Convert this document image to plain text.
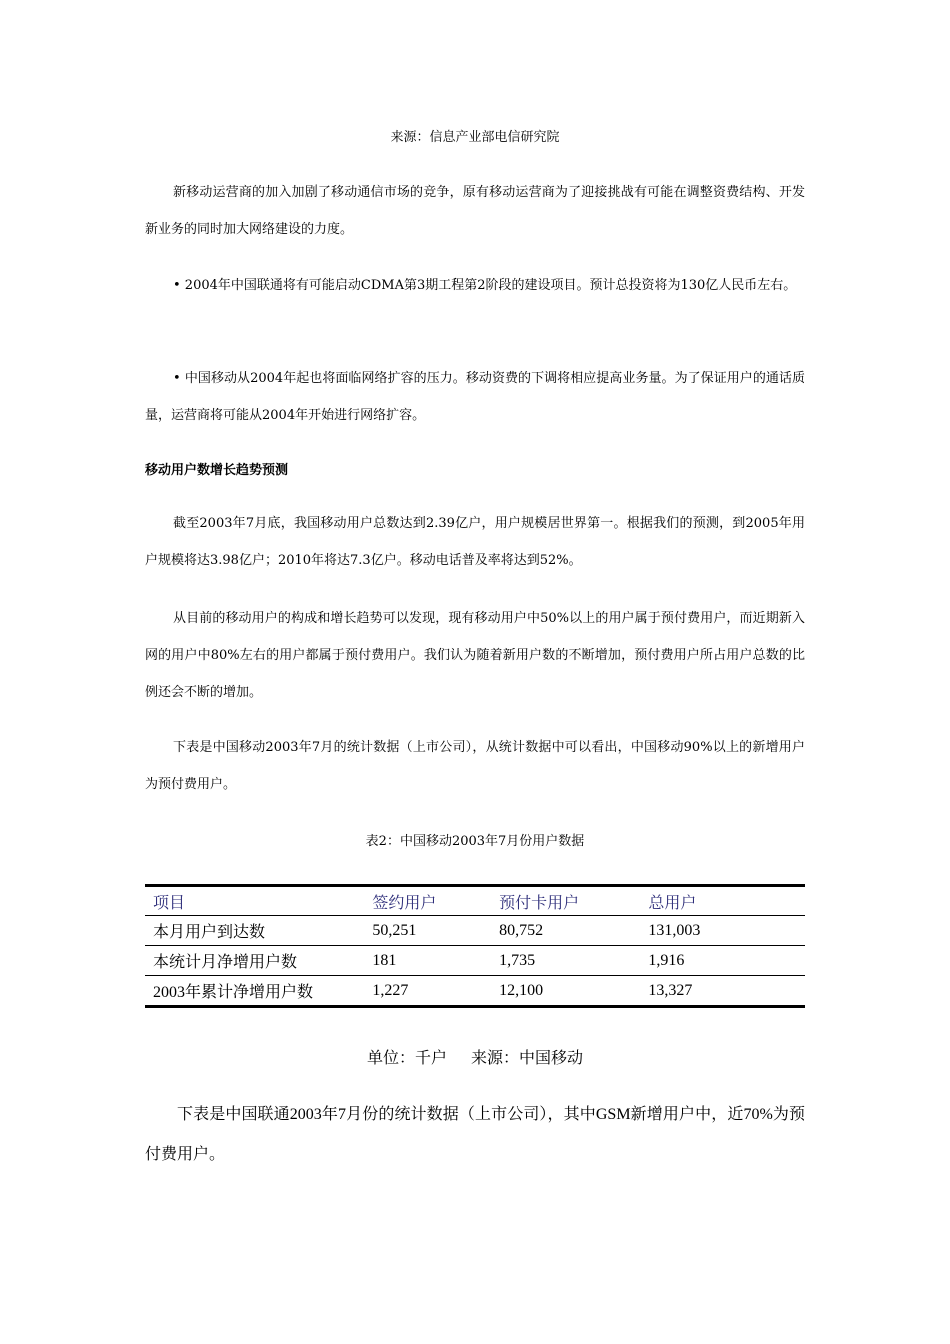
来源：信息产业部电信研究院

新移动运营商的加入加剧了移动通信市场的竞争，原有移动运营商为了迎接挑战有可能在调整资费结构、开发新业务的同时加大网络建设的力度。

• 2004年中国联通将有可能启动CDMA第3期工程第2阶段的建设项目。预计总投资将为130亿人民币左右。

• 中国移动从2004年起也将面临网络扩容的压力。移动资费的下调将相应提高业务量。为了保证用户的通话质量，运营商将可能从2004年开始进行网络扩容。

移动用户数增长趋势预测

截至2003年7月底，我国移动用户总数达到2.39亿户，用户规模居世界第一。根据我们的预测，到2005年用户规模将达3.98亿户；2010年将达7.3亿户。移动电话普及率将达到52%。

从目前的移动用户的构成和增长趋势可以发现，现有移动用户中50%以上的用户属于预付费用户，而近期新入网的用户中80%左右的用户都属于预付费用户。我们认为随着新用户数的不断增加，预付费用户所占用户总数的比例还会不断的增加。

下表是中国移动2003年7月的统计数据（上市公司），从统计数据中可以看出，中国移动90%以上的新增用户为预付费用户。

表2：中国移动2003年7月份用户数据
项目	签约用户	预付卡用户	总用户
本月用户到达数	50,251	80,752	131,003
本统计月净增用户数	181	1,735	1,916
2003年累计净增用户数	1,227	12,100	13,327
单位：千户      来源：中国移动

下表是中国联通2003年7月份的统计数据（上市公司），其中GSM新增用户中，近70%为预付费用户。
